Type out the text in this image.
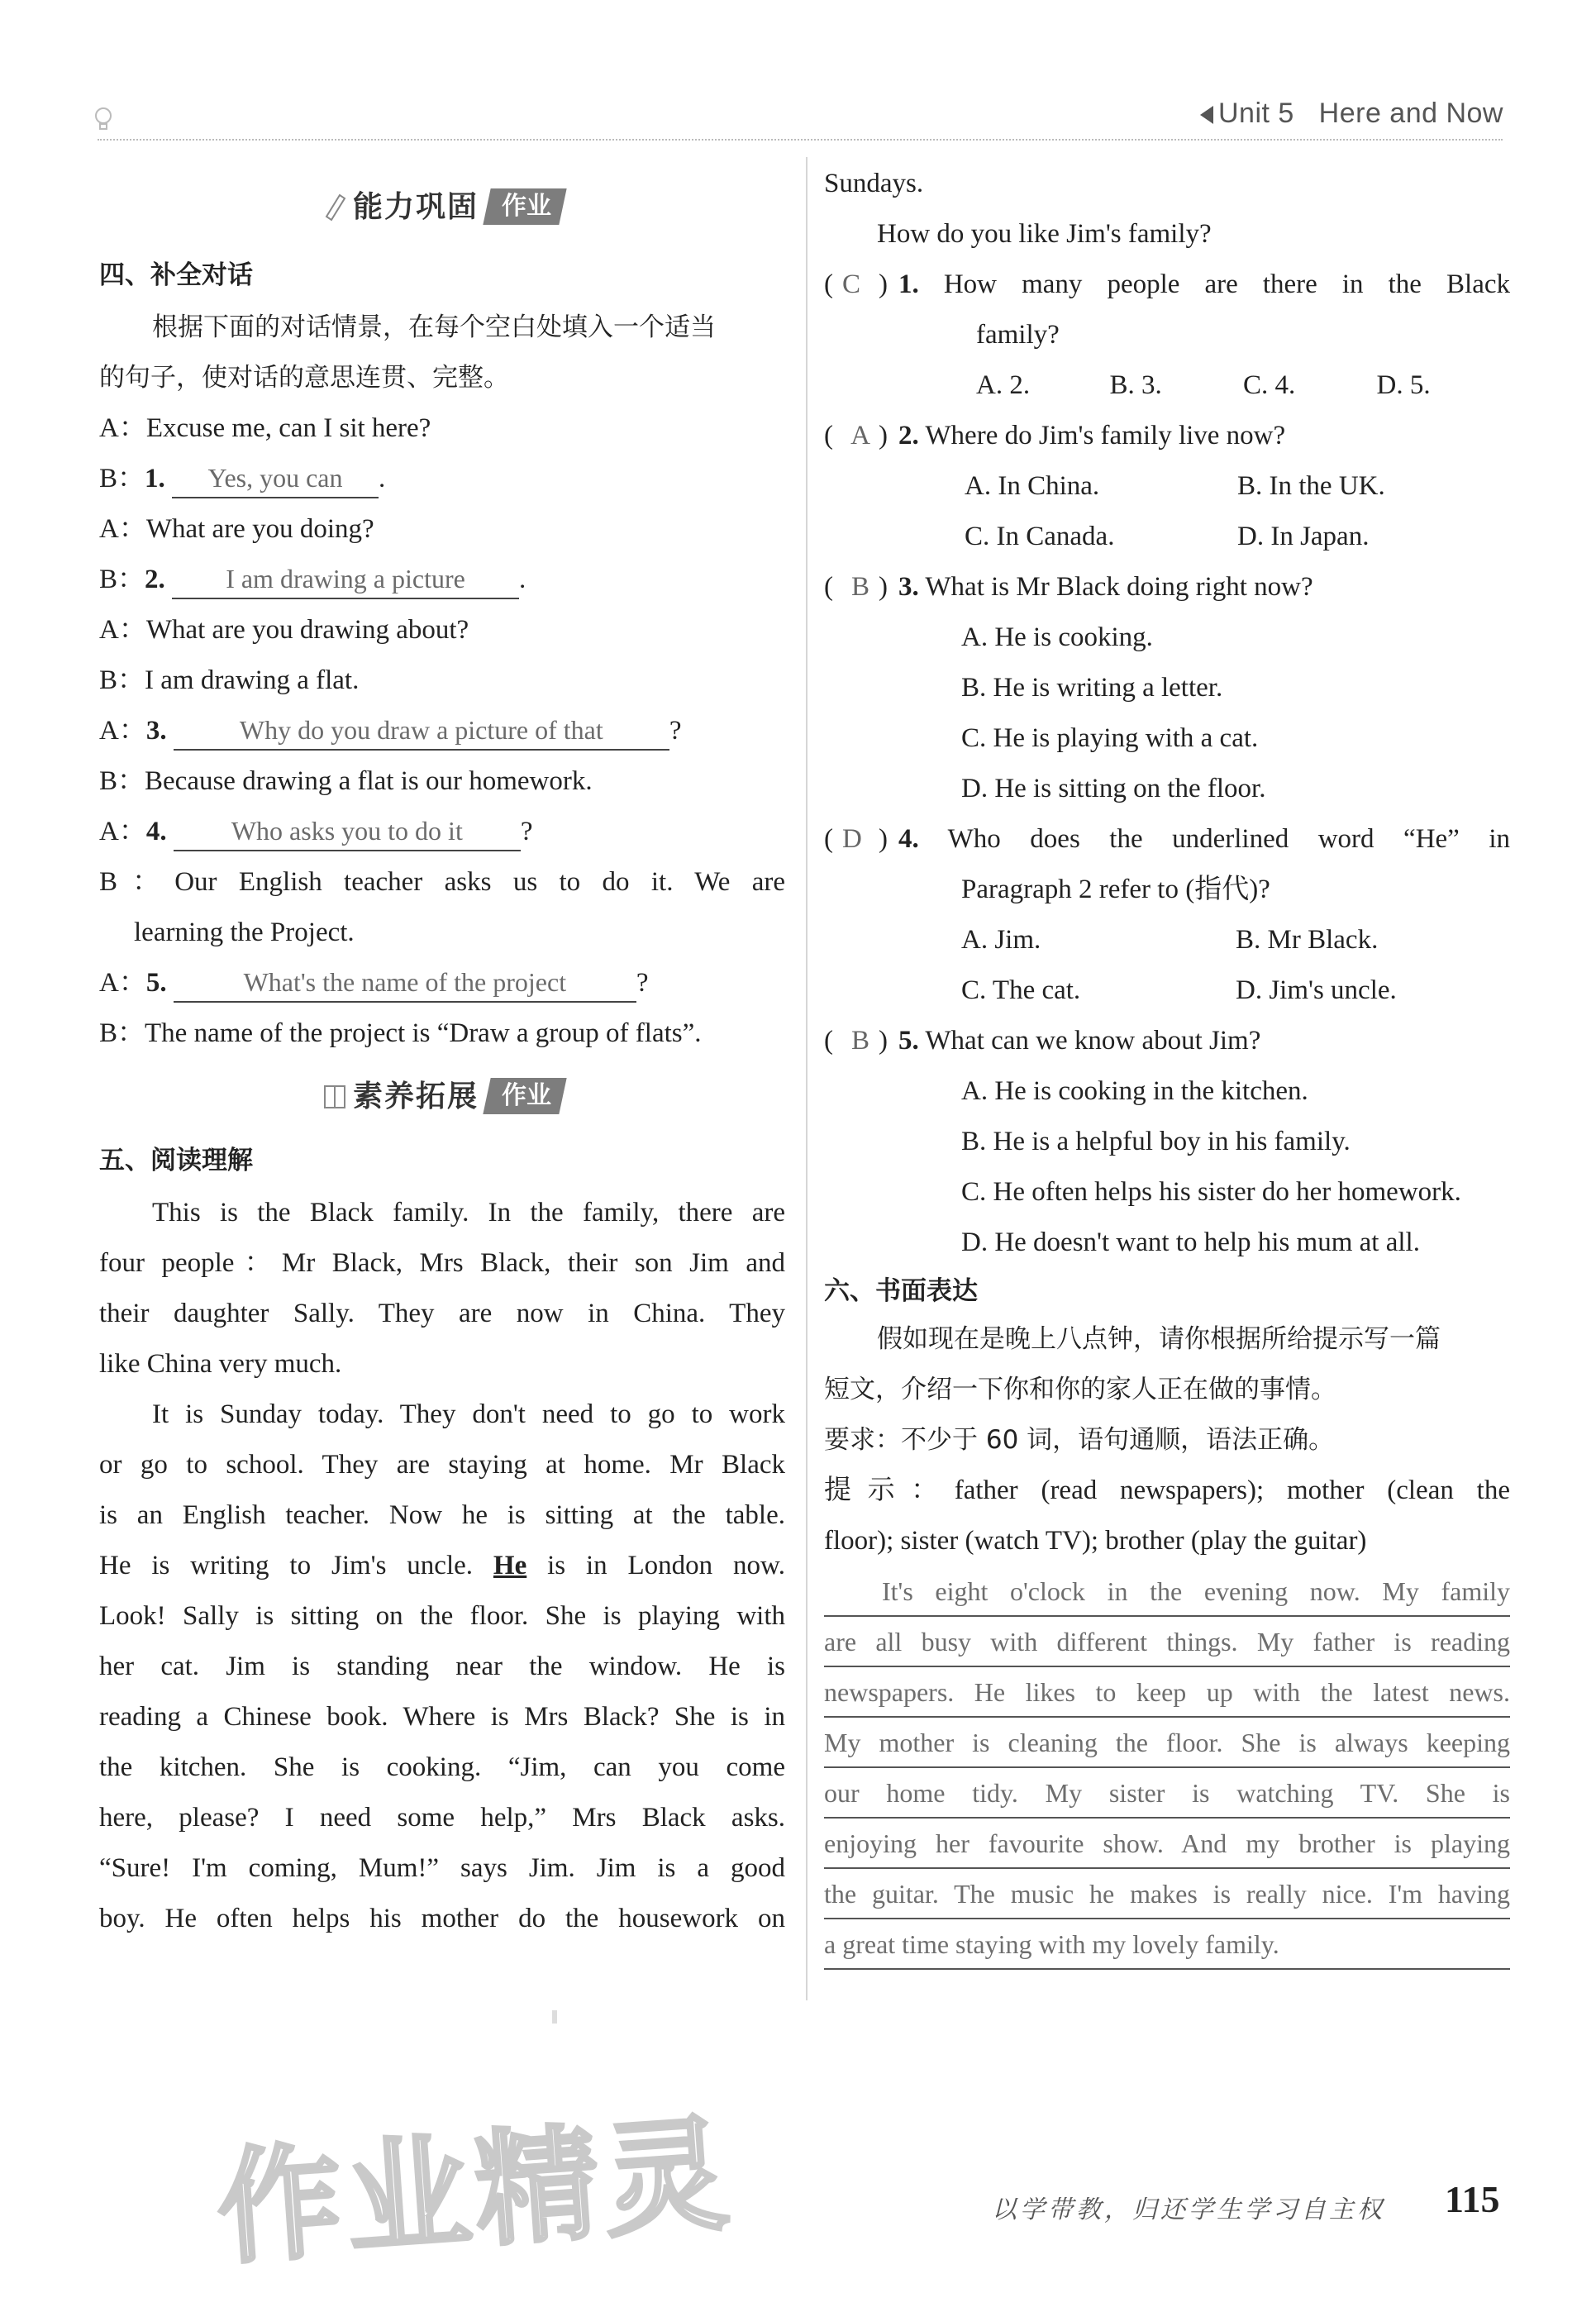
Unit 5   Here and Now
能力巩固 作业
四、补全对话
根据下面的对话情景，在每个空白处填入一个适当
的句子，使对话的意思连贯、完整。
A：Excuse me, can I sit here?
B：1. Yes, you can .
A：What are you doing?
B：2. I am drawing a picture .
A：What are you drawing about?
B：I am drawing a flat.
A：3.	Why do you draw a picture of that ?
B：Because drawing a flat is our homework.
A：4. Who asks you to do it ?
B：Our English teacher asks us to do it. We are
learning the Project.
A：5.	What's the name of the project	?
B：The name of the project is “Draw a group of flats”.
素养拓展 作业
五、阅读理解
This is the Black family. In the family, there are
four people：Mr Black, Mrs Black, their son Jim and
their daughter Sally. They are now in China. They
like China very much.
It is Sunday today. They don't need to go to work
or go to school. They are staying at home. Mr Black
is an English teacher. Now he is sitting at the table.
He is writing to Jim's uncle. He is in London now.
Look! Sally is sitting on the floor. She is playing with
her cat. Jim is standing near the window. He is
reading a Chinese book. Where is Mrs Black? She is in
the kitchen. She is cooking. “Jim, can you come
here, please? I need some help,” Mrs Black asks.
“Sure! I'm coming, Mum!” says Jim. Jim is a good
boy. He often helps his mother do the housework on
Sundays.
How do you like Jim's family?
( C ) 1. How many people are there in the Black
family?
A. 2.	B. 3.	C. 4.	D. 5.
( A ) 2. Where do Jim's family live now?
A. In China.	B. In the UK.
C. In Canada.	D. In Japan.
( B ) 3. What is Mr Black doing right now?
A. He is cooking.
B. He is writing a letter.
C. He is playing with a cat.
D. He is sitting on the floor.
( D ) 4. Who does the underlined word “He” in
Paragraph 2 refer to (指代)?
A. Jim.	B. Mr Black.
C. The cat.	D. Jim's uncle.
( B ) 5. What can we know about Jim?
A. He is cooking in the kitchen.
B. He is a helpful boy in his family.
C. He often helps his sister do her homework.
D. He doesn't want to help his mum at all.
六、书面表达
假如现在是晚上八点钟，请你根据所给提示写一篇
短文，介绍一下你和你的家人正在做的事情。
要求：不少于 60 词，语句通顺，语法正确。
提示：father (read newspapers); mother (clean the
floor); sister (watch TV); brother (play the guitar)
It's eight o'clock in the evening now. My family
are all busy with different things. My father is reading
newspapers. He likes to keep up with the latest news.
My mother is cleaning the floor. She is always keeping
our home tidy. My sister is watching TV. She is
enjoying her favourite show. And my brother is playing
the guitar. The music he makes is really nice. I'm having
a great time staying with my lovely family.
作业精灵	以学带教，归还学生学习自主权 115
